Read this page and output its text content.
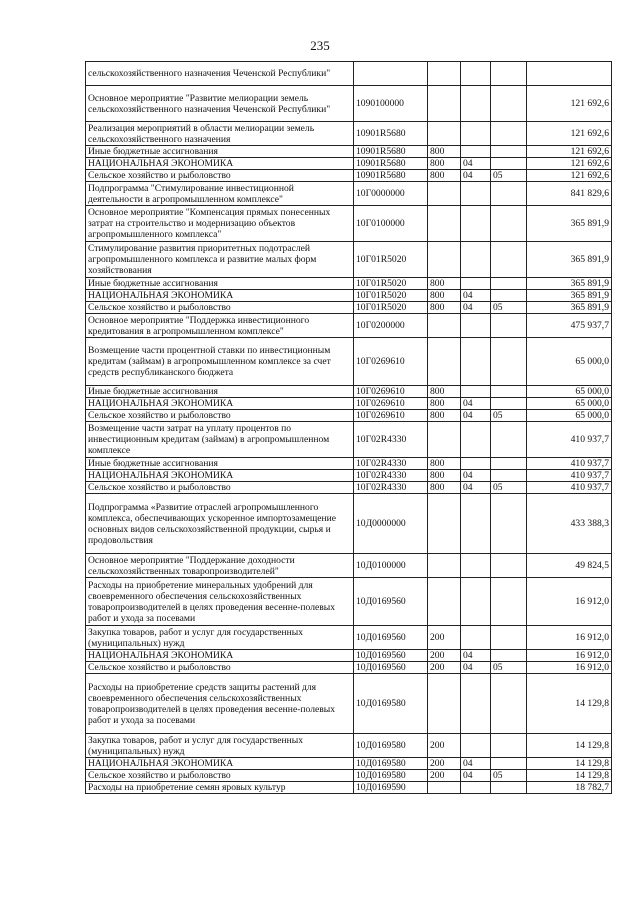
235
сельскохозяйственного назначения Чеченской Республики"					
Основное мероприятие "Развитие мелиорации земель сельскохозяйственного назначения Чеченской Республики"	1090100000				121 692,6
Реализация мероприятий в области мелиорации земель сельскохозяйственного назначения	10901R5680				121 692,6
Иные бюджетные ассигнования	10901R5680	800			121 692,6
НАЦИОНАЛЬНАЯ ЭКОНОМИКА	10901R5680	800	04		121 692,6
Сельское хозяйство и рыболовство	10901R5680	800	04	05	121 692,6
Подпрограмма "Стимулирование инвестиционной деятельности в агропромышленном комплексе"	10Г0000000				841 829,6
Основное мероприятие "Компенсация прямых понесенных затрат на строительство и модернизацию объектов агропромышленного комплекса"	10Г0100000				365 891,9
Стимулирование развития приоритетных подотраслей агропромышленного комплекса и развитие малых форм хозяйствования	10Г01R5020				365 891,9
Иные бюджетные ассигнования	10Г01R5020	800			365 891,9
НАЦИОНАЛЬНАЯ ЭКОНОМИКА	10Г01R5020	800	04		365 891,9
Сельское хозяйство и рыболовство	10Г01R5020	800	04	05	365 891,9
Основное мероприятие "Поддержка инвестиционного кредитования в агропромышленном комплексе"	10Г0200000				475 937,7
Возмещение части процентной ставки по инвестиционным кредитам (займам) в агропромышленном комплексе за счет средств республиканского бюджета	10Г0269610				65 000,0
Иные бюджетные ассигнования	10Г0269610	800			65 000,0
НАЦИОНАЛЬНАЯ ЭКОНОМИКА	10Г0269610	800	04		65 000,0
Сельское хозяйство и рыболовство	10Г0269610	800	04	05	65 000,0
Возмещение части затрат на уплату процентов по инвестиционным кредитам (займам) в агропромышленном комплексе	10Г02R4330				410 937,7
Иные бюджетные ассигнования	10Г02R4330	800			410 937,7
НАЦИОНАЛЬНАЯ ЭКОНОМИКА	10Г02R4330	800	04		410 937,7
Сельское хозяйство и рыболовство	10Г02R4330	800	04	05	410 937,7
Подпрограмма «Развитие отраслей агропромышленного комплекса, обеспечивающих ускоренное импортозамещение основных видов сельскохозяйственной продукции, сырья и продовольствия	10Д0000000				433 388,3
Основное мероприятие "Поддержание доходности сельскохозяйственных товаропроизводителей"	10Д0100000				49 824,5
Расходы на приобретение минеральных удобрений для своевременного обеспечения сельскохозяйственных товаропроизводителей в целях проведения весенне-полевых работ и ухода за посевами	10Д0169560				16 912,0
Закупка товаров, работ и услуг для государственных (муниципальных) нужд	10Д0169560	200			16 912,0
НАЦИОНАЛЬНАЯ ЭКОНОМИКА	10Д0169560	200	04		16 912,0
Сельское хозяйство и рыболовство	10Д0169560	200	04	05	16 912,0
Расходы на приобретение средств защиты растений для своевременного обеспечения сельскохозяйственных товаропроизводителей в целях проведения весенне-полевых работ и ухода за посевами	10Д0169580				14 129,8
Закупка товаров, работ и услуг для государственных (муниципальных) нужд	10Д0169580	200			14 129,8
НАЦИОНАЛЬНАЯ ЭКОНОМИКА	10Д0169580	200	04		14 129,8
Сельское хозяйство и рыболовство	10Д0169580	200	04	05	14 129,8
Расходы на приобретение семян яровых культур	10Д0169590				18 782,7
